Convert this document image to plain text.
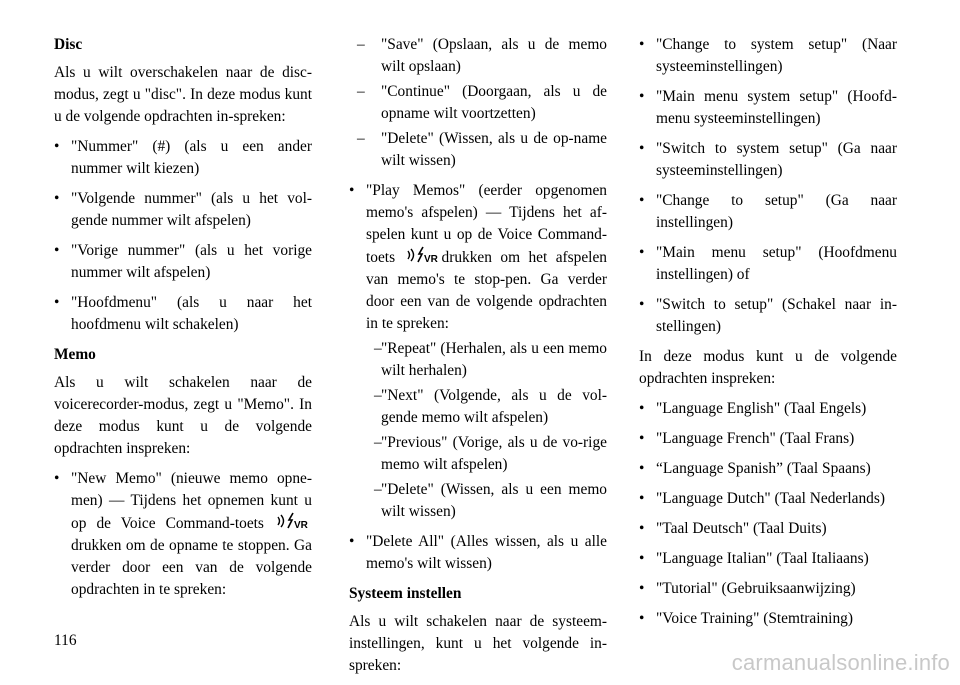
Disc

Als u wilt overschakelen naar de disc-modus, zegt u "disc". In deze modus kunt u de volgende opdrachten in-spreken:

• "Nummer" (#) (als u een ander nummer wilt kiezen)
• "Volgende nummer" (als u het vol-gende nummer wilt afspelen)
• "Vorige nummer" (als u het vorige nummer wilt afspelen)
• "Hoofdmenu" (als u naar het hoofdmenu wilt schakelen)
Memo

Als u wilt schakelen naar de voicerecorder-modus, zegt u "Memo". In deze modus kunt u de volgende opdrachten inspreken:

• "New Memo" (nieuwe memo opne-men) — Tijdens het opnemen kunt u op de Voice Command-toets	VR
drukken om de opname te stoppen. Ga verder door een van de volgende opdrachten in te spreken:
– "Save" (Opslaan, als u de memo wilt opslaan)
– "Continue" (Doorgaan, als u de opname wilt voortzetten)
– "Delete" (Wissen, als u de op-name wilt wissen)
• "Play Memos" (eerder opgenomen memo's afspelen) — Tijdens het af-spelen kunt u op de Voice Command-toets	VR drukken om het afspelen van memo's te stop-pen. Ga verder door een van de volgende opdrachten in te spreken:
– "Repeat" (Herhalen, als u een memo wilt herhalen)
– "Next" (Volgende, als u de vol-gende memo wilt afspelen)
– "Previous" (Vorige, als u de vo-rige memo wilt afspelen)
– "Delete" (Wissen, als u een memo wilt wissen)
• "Delete All" (Alles wissen, als u alle memo's wilt wissen)
Systeem instellen

Als u wilt schakelen naar de systeem-instellingen, kunt u het volgende in-spreken:

• "Change to system setup" (Naar systeeminstellingen)
• "Main menu system setup" (Hoofd-menu systeeminstellingen)
• "Switch to system setup" (Ga naar systeeminstellingen)
• "Change to setup" (Ga naar instellingen)
• "Main menu setup" (Hoofdmenu instellingen) of
• "Switch to setup" (Schakel naar in-stellingen)

In deze modus kunt u de volgende opdrachten inspreken:

• "Language English" (Taal Engels)
• "Language French" (Taal Frans)
• “Language Spanish” (Taal Spaans)
• "Language Dutch" (Taal Nederlands)
• "Taal Deutsch" (Taal Duits)
• "Language Italian" (Taal Italiaans)
• "Tutorial" (Gebruiksaanwijzing)
• "Voice Training" (Stemtraining)
116
carmanualsonline.info
